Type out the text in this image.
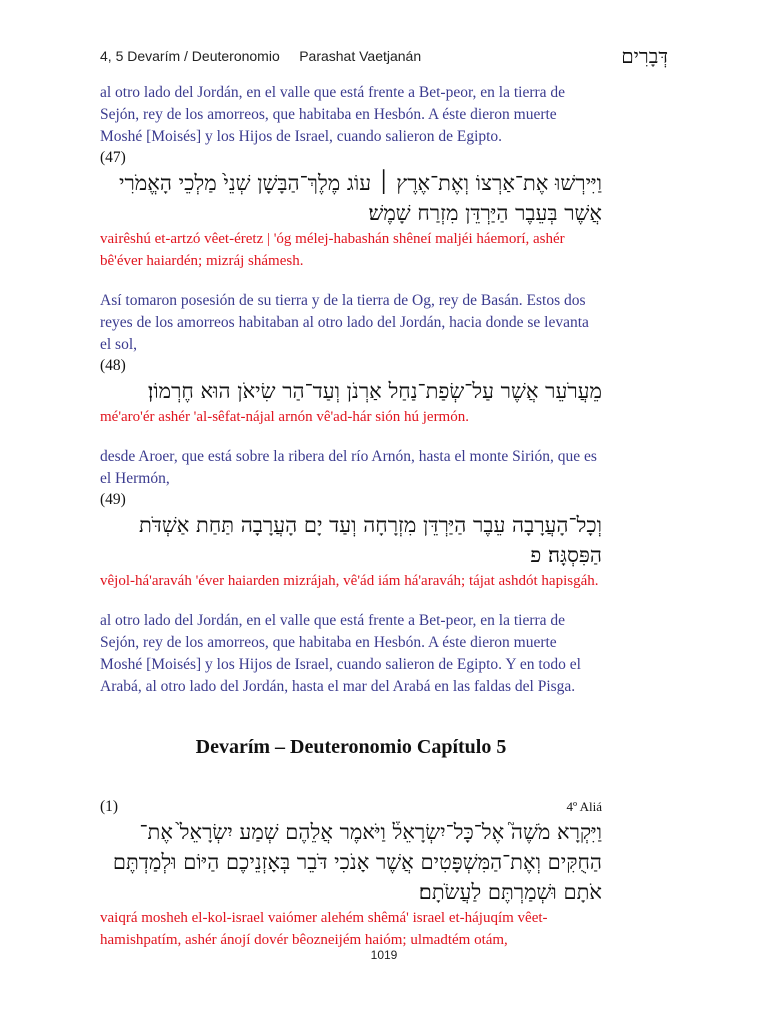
4, 5 Devarím / Deuteronomio     Parashat Vaetjanán	דְּבָרִים

al otro lado del Jordán, en el valle que está frente a Bet-peor, en la tierra de Sejón, rey de los amorreos, que habitaba en Hesbón. A éste dieron muerte Moshé [Moisés] y los Hijos de Israel, cuando salieron de Egipto.

(47)

וַיִּירְשׁוּ אֶת־אַרְצוֹ וְאֶת־אֶרֶץ ׀ עוֹג מֶלֶךְ־הַבָּשָׁן שְׁנֵי֙ מַלְכֵי הָאֱמֹרִי

אֲשֶׁר בְּעֵבֶר הַיַּרְדֵּן מִזְרַח שָׁמֶשׁ׃

vairêshú et-artzó vêet-éretz | 'óg mélej-habashán shêneí maljéi háemorí, ashér bê'éver haiardén; mizráj shámesh.

Así tomaron posesión de su tierra y de la tierra de Og, rey de Basán. Estos dos reyes de los amorreos habitaban al otro lado del Jordán, hacia donde se levanta el sol,

(48)

מֵעֲרֹעֵר אֲשֶׁר עַל־שְׂפַת־נַחַל אַרְנֹן וְעַד־הַר שִׂיאֹן הוּא חֶרְמוֹן׃

mé'aro'ér ashér 'al-sêfat-nájal arnón vê'ad-hár sión hú jermón.

desde Aroer, que está sobre la ribera del río Arnón, hasta el monte Sirión, que es el Hermón,

(49)

וְכָל־הָעֲרָבָה עֵבֶר הַיַּרְדֵּן מִזְרָחָה וְעַד יָם הָעֲרָבָה תַּחַת אַשְׁדֹּת

הַפִּסְגָּה׃ פ

vêjol-há'araváh 'éver haiarden mizrájah, vê'ád iám há'araváh; tájat ashdót hapisgáh.

al otro lado del Jordán, en el valle que está frente a Bet-peor, en la tierra de Sejón, rey de los amorreos, que habitaba en Hesbón. A éste dieron muerte Moshé [Moisés] y los Hijos de Israel, cuando salieron de Egipto. Y en todo el Arabá, al otro lado del Jordán, hasta el mar del Arabá en las faldas del Pisga.

Devarím – Deuteronomio Capítulo 5
(1)	4º Aliá

וַיִּקְרָא מֹשֶׁה֮ אֶל־כָּל־יִשְׂרָאֵל֒ וַיֹּאמֶר אֲלֵהֶם שְׁמַע יִשְׂרָאֵל֙ אֶת־

הַחֻקִּים וְאֶת־הַמִּשְׁפָּטִים אֲשֶׁר אָנֹכִי דֹּבֵר בְּאָזְנֵיכֶם הַיּוֹם וּלְמַדְתֶּם

אֹתָם וּשְׁמַרְתֶּם לַעֲשֹׂתָם׃

vaiqrá mosheh el-kol-israel vaiómer alehém shêmá' israel et-hájuqím vêet-hamishpatím, ashér ánojí dovér bêozneijém haióm; ulmadtém otám,

1019
